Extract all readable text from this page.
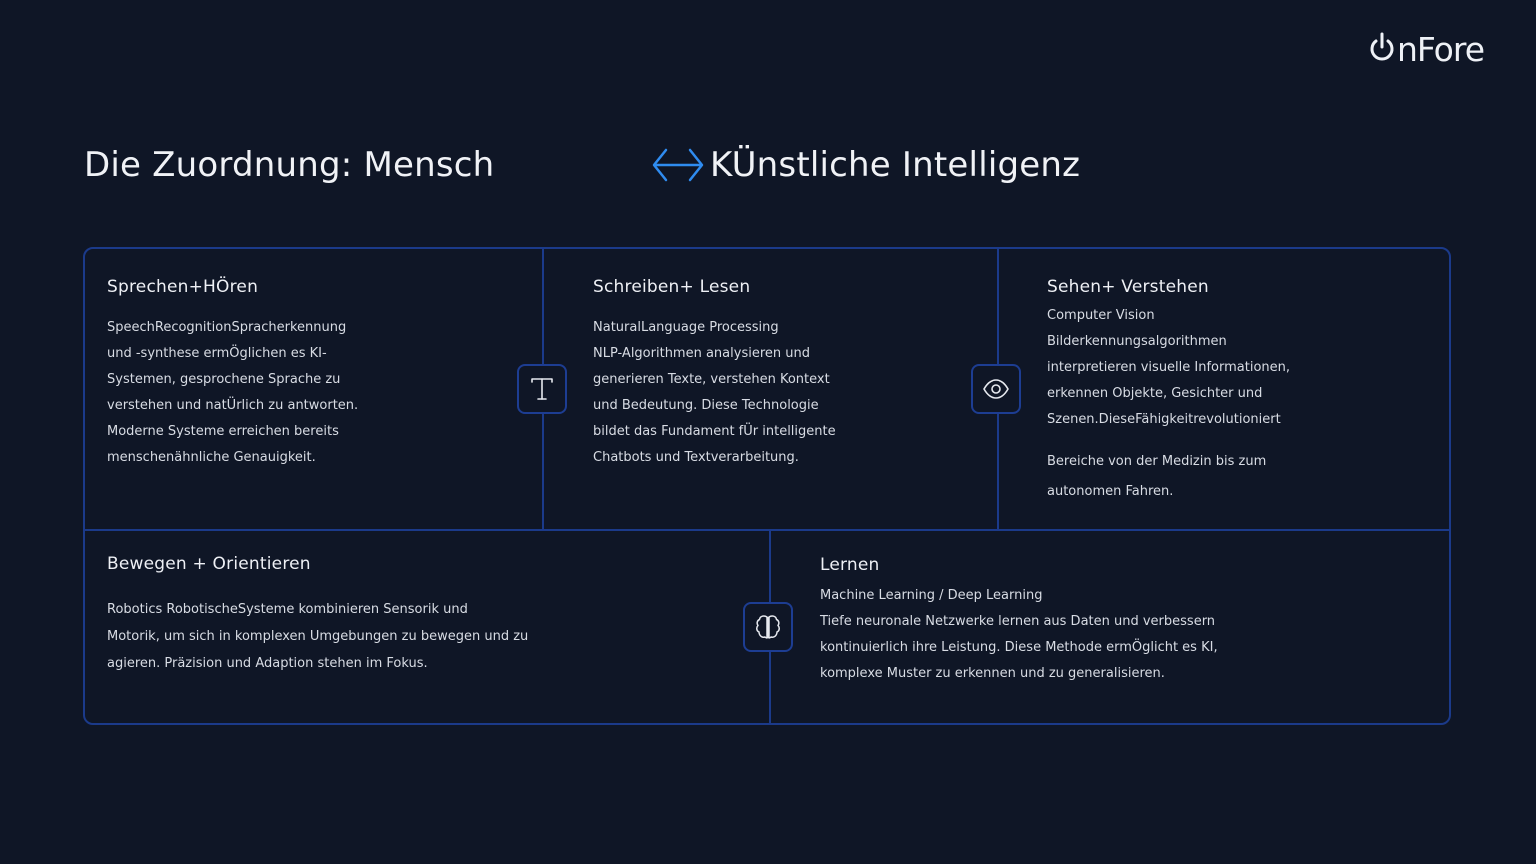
nFore
Die Zuordnung: Mensch	KÜnstliche Intelligenz
Sprechen+HÖren

SpeechRecognitionSpracherkennung

und -synthese ermÖglichen es KI-

Systemen, gesprochene Sprache zu

verstehen und natÜrlich zu antworten.

Moderne Systeme erreichen bereits

menschenähnliche Genauigkeit.

Schreiben+ Lesen

NaturalLanguage Processing

NLP-Algorithmen analysieren und

generieren Texte, verstehen Kontext

und Bedeutung. Diese Technologie

bildet das Fundament fÜr intelligente

Chatbots und Textverarbeitung.

Sehen+ Verstehen

Computer Vision

Bilderkennungsalgorithmen

interpretieren visuelle Informationen,

erkennen Objekte, Gesichter und

Szenen.DieseFähigkeitrevolutioniert

Bereiche von der Medizin bis zum

autonomen Fahren.

Bewegen + Orientieren

Robotics RobotischeSysteme kombinieren Sensorik und

Motorik, um sich in komplexen Umgebungen zu bewegen und zu

agieren. Präzision und Adaption stehen im Fokus.

Lernen

Machine Learning / Deep Learning

Tiefe neuronale Netzwerke lernen aus Daten und verbessern

kontinuierlich ihre Leistung. Diese Methode ermÖglicht es KI,

komplexe Muster zu erkennen und zu generalisieren.
